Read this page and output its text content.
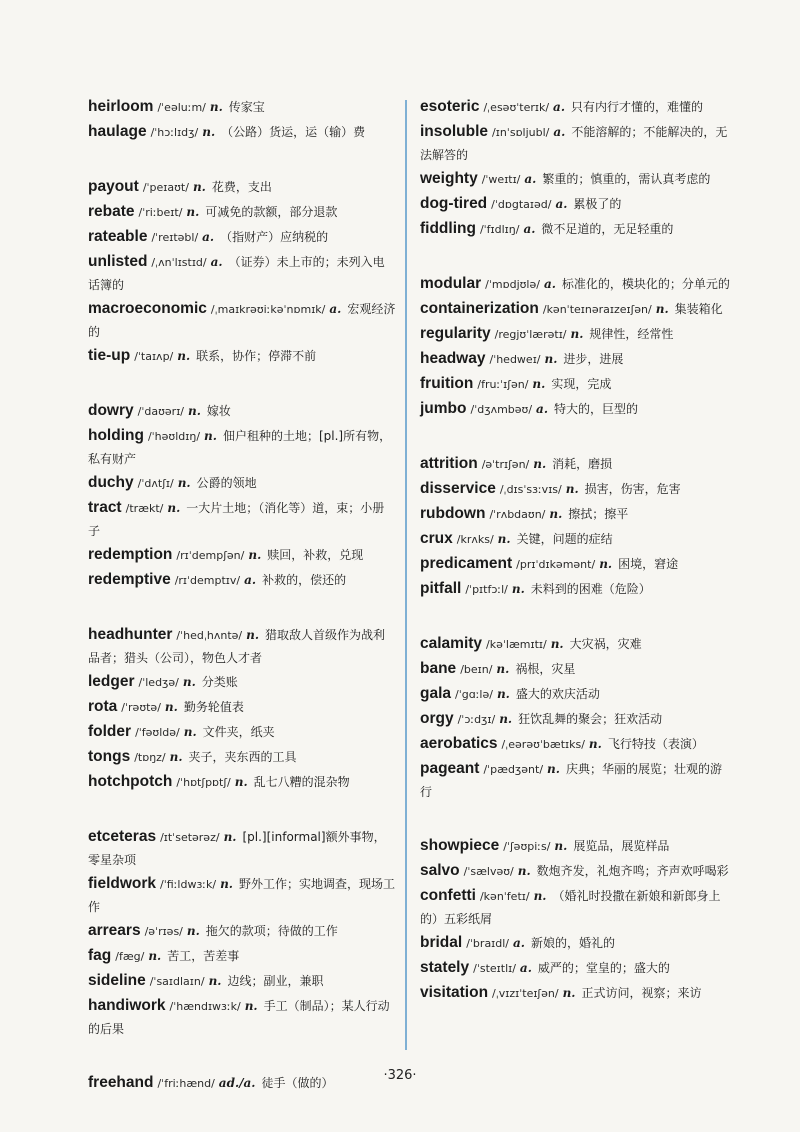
heirloom /ˈeəluːm/ n. 传家宝
haulage /ˈhɔːlɪdʒ/ n. （公路）货运，运（输）费
payout /ˈpeɪaʊt/ n. 花费，支出
rebate /ˈriːbeɪt/ n. 可减免的款额，部分退款
rateable /ˈreɪtəbl/ a. （指财产）应纳税的
unlisted /ˌʌnˈlɪstɪd/ a. （证券）未上市的；未列入电话簿的
macroeconomic /ˌmaɪkrəʊiːkəˈnɒmɪk/ a. 宏观经济的
tie-up /ˈtaɪʌp/ n. 联系，协作；停滞不前
dowry /ˈdaʊərɪ/ n. 嫁妆
holding /ˈhəʊldɪŋ/ n. 佃户租种的土地；[pl.]所有物，私有财产
duchy /ˈdʌtʃɪ/ n. 公爵的领地
tract /trækt/ n. 一大片土地；（消化等）道，束；小册子
redemption /rɪˈdempʃən/ n. 赎回，补救，兑现
redemptive /rɪˈdemptɪv/ a. 补救的，偿还的
headhunter /ˈhedˌhʌntə/ n. 猎取敌人首级作为战利品者；猎头（公司），物色人才者
ledger /ˈledʒə/ n. 分类账
rota /ˈrəʊtə/ n. 勤务轮值表
folder /ˈfəʊldə/ n. 文件夹，纸夹
tongs /tɒŋz/ n. 夹子，夹东西的工具
hotchpotch /ˈhɒtʃpɒtʃ/ n. 乱七八糟的混杂物
etceteras /ɪtˈsetərəz/ n. [pl.][informal]额外事物，零星杂项
fieldwork /ˈfiːldwɜːk/ n. 野外工作；实地调查，现场工作
arrears /əˈrɪəs/ n. 拖欠的款项；待做的工作
fag /fæg/ n. 苦工，苦差事
sideline /ˈsaɪdlaɪn/ n. 边线；副业，兼职
handiwork /ˈhændɪwɜːk/ n. 手工（制品）；某人行动的后果
freehand /ˈfriːhænd/ ad./a. 徒手（做的）
esoteric /ˌesəʊˈterɪk/ a. 只有内行才懂的，难懂的
insoluble /ɪnˈsɒljubl/ a. 不能溶解的；不能解决的，无法解答的
weighty /ˈweɪtɪ/ a. 繁重的；慎重的，需认真考虑的
dog-tired /ˈdɒgtaɪəd/ a. 累极了的
fiddling /ˈfɪdlɪŋ/ a. 微不足道的，无足轻重的
modular /ˈmɒdjʊlə/ a. 标准化的，模块化的；分单元的
containerization /kənˈteɪnəraɪzeɪʃən/ n. 集装箱化
regularity /regjʊˈlærətɪ/ n. 规律性，经常性
headway /ˈhedweɪ/ n. 进步，进展
fruition /fruːˈɪʃən/ n. 实现，完成
jumbo /ˈdʒʌmbəʊ/ a. 特大的，巨型的
attrition /əˈtrɪʃən/ n. 消耗，磨损
disservice /ˌdɪsˈsɜːvɪs/ n. 损害，伤害，危害
rubdown /ˈrʌbdaʊn/ n. 擦拭；擦平
crux /krʌks/ n. 关键，问题的症结
predicament /prɪˈdɪkəmənt/ n. 困境，窘途
pitfall /ˈpɪtfɔːl/ n. 未料到的困难（危险）
calamity /kəˈlæmɪtɪ/ n. 大灾祸，灾难
bane /beɪn/ n. 祸根，灾星
gala /ˈgɑːlə/ n. 盛大的欢庆活动
orgy /ˈɔːdʒɪ/ n. 狂饮乱舞的聚会；狂欢活动
aerobatics /ˌeərəʊˈbætɪks/ n. 飞行特技（表演）
pageant /ˈpædʒənt/ n. 庆典；华丽的展览；壮观的游行
showpiece /ˈʃəʊpiːs/ n. 展览品，展览样品
salvo /ˈsælvəʊ/ n. 数炮齐发，礼炮齐鸣；齐声欢呼喝彩
confetti /kənˈfetɪ/ n. （婚礼时投撒在新娘和新郎身上的）五彩纸屑
bridal /ˈbraɪdl/ a. 新娘的，婚礼的
stately /ˈsteɪtlɪ/ a. 威严的；堂皇的；盛大的
visitation /ˌvɪzɪˈteɪʃən/ n. 正式访问，视察；来访
·326·
